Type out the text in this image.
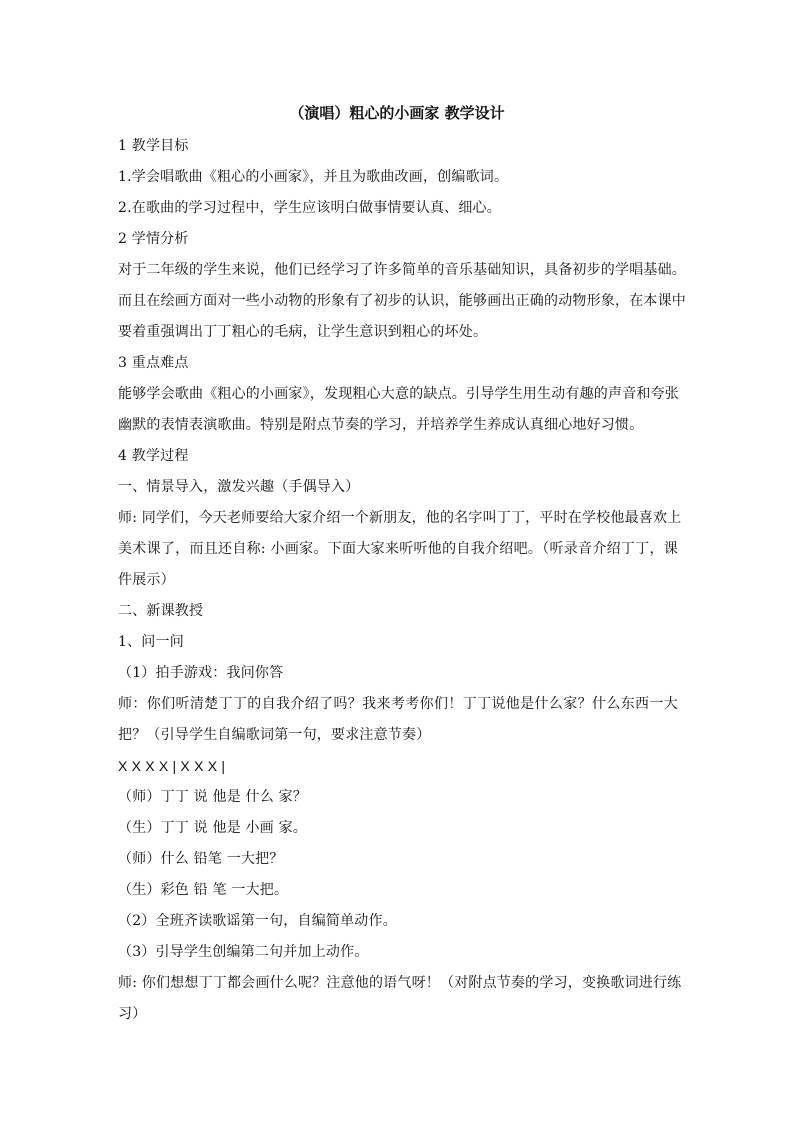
（演唱）粗心的小画家 教学设计
1 教学目标
1.学会唱歌曲《粗心的小画家》，并且为歌曲改画，创编歌词。
2.在歌曲的学习过程中，学生应该明白做事情要认真、细心。
2 学情分析
对于二年级的学生来说，他们已经学习了许多简单的音乐基础知识，具备初步的学唱基础。
而且在绘画方面对一些小动物的形象有了初步的认识，能够画出正确的动物形象，在本课中
要着重强调出丁丁粗心的毛病，让学生意识到粗心的坏处。
3 重点难点
能够学会歌曲《粗心的小画家》，发现粗心大意的缺点。引导学生用生动有趣的声音和夸张
幽默的表情表演歌曲。特别是附点节奏的学习，并培养学生养成认真细心地好习惯。
4 教学过程
一、情景导入，激发兴趣（手偶导入）
师: 同学们，今天老师要给大家介绍一个新朋友，他的名字叫丁丁，平时在学校他最喜欢上
美术课了，而且还自称: 小画家。下面大家来听听他的自我介绍吧。（听录音介绍丁丁，课
件展示）
二、新课教授
1、问一问
（1）拍手游戏：我问你答
师：你们听清楚丁丁的自我介绍了吗？我来考考你们！丁丁说他是什么家？什么东西一大
把？（引导学生自编歌词第一句，要求注意节奏）
X X X X | X X X |
（师）丁丁 说 他是 什么 家？
（生）丁丁 说 他是 小画 家。
（师）什么 铅笔 一大把？
（生）彩色 铅 笔 一大把。
（2）全班齐读歌谣第一句，自编简单动作。
（3）引导学生创编第二句并加上动作。
师: 你们想想丁丁都会画什么呢？注意他的语气呀！（对附点节奏的学习，变换歌词进行练
习）
